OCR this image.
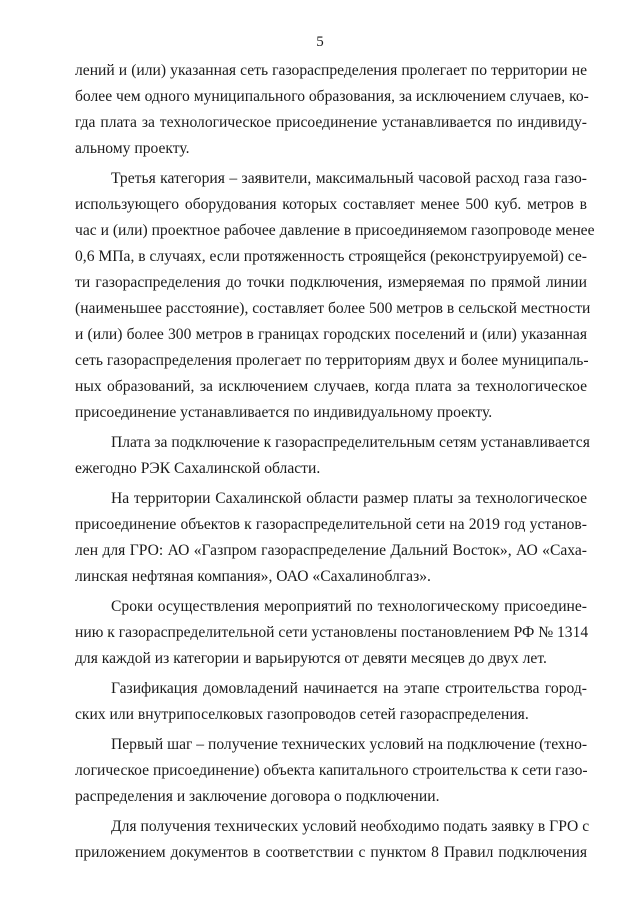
5
лений и (или) указанная сеть газораспределения пролегает по территории не
более чем одного муниципального образования, за исключением случаев, ко-
гда плата за технологическое присоединение устанавливается по индивиду-
альному проекту.
Третья категория – заявители, максимальный часовой расход газа газо-
использующего оборудования которых составляет менее 500 куб. метров в
час и (или) проектное рабочее давление в присоединяемом газопроводе менее
0,6 МПа, в случаях, если протяженность строящейся (реконструируемой) се-
ти газораспределения до точки подключения, измеряемая по прямой линии
(наименьшее расстояние), составляет более 500 метров в сельской местности
и (или) более 300 метров в границах городских поселений и (или) указанная
сеть газораспределения пролегает по территориям двух и более муниципаль-
ных образований, за исключением случаев, когда плата за технологическое
присоединение устанавливается по индивидуальному проекту.
Плата за подключение к газораспределительным сетям устанавливается
ежегодно РЭК Сахалинской области.
На территории Сахалинской области размер платы за технологическое
присоединение объектов к газораспределительной сети на 2019 год установ-
лен для ГРО: АО «Газпром газораспределение Дальний Восток», АО «Саха-
линская нефтяная компания», ОАО «Сахалиноблгаз».
Сроки осуществления мероприятий по технологическому присоедине-
нию к газораспределительной сети установлены постановлением РФ № 1314
для каждой из категории и варьируются от девяти месяцев до двух лет.
Газификация домовладений начинается на этапе строительства город-
ских или внутрипоселковых газопроводов сетей газораспределения.
Первый шаг – получение технических условий на подключение (техно-
логическое присоединение) объекта капитального строительства к сети газо-
распределения и заключение договора о подключении.
Для получения технических условий необходимо подать заявку в ГРО с
приложением документов в соответствии с пунктом 8 Правил подключения
